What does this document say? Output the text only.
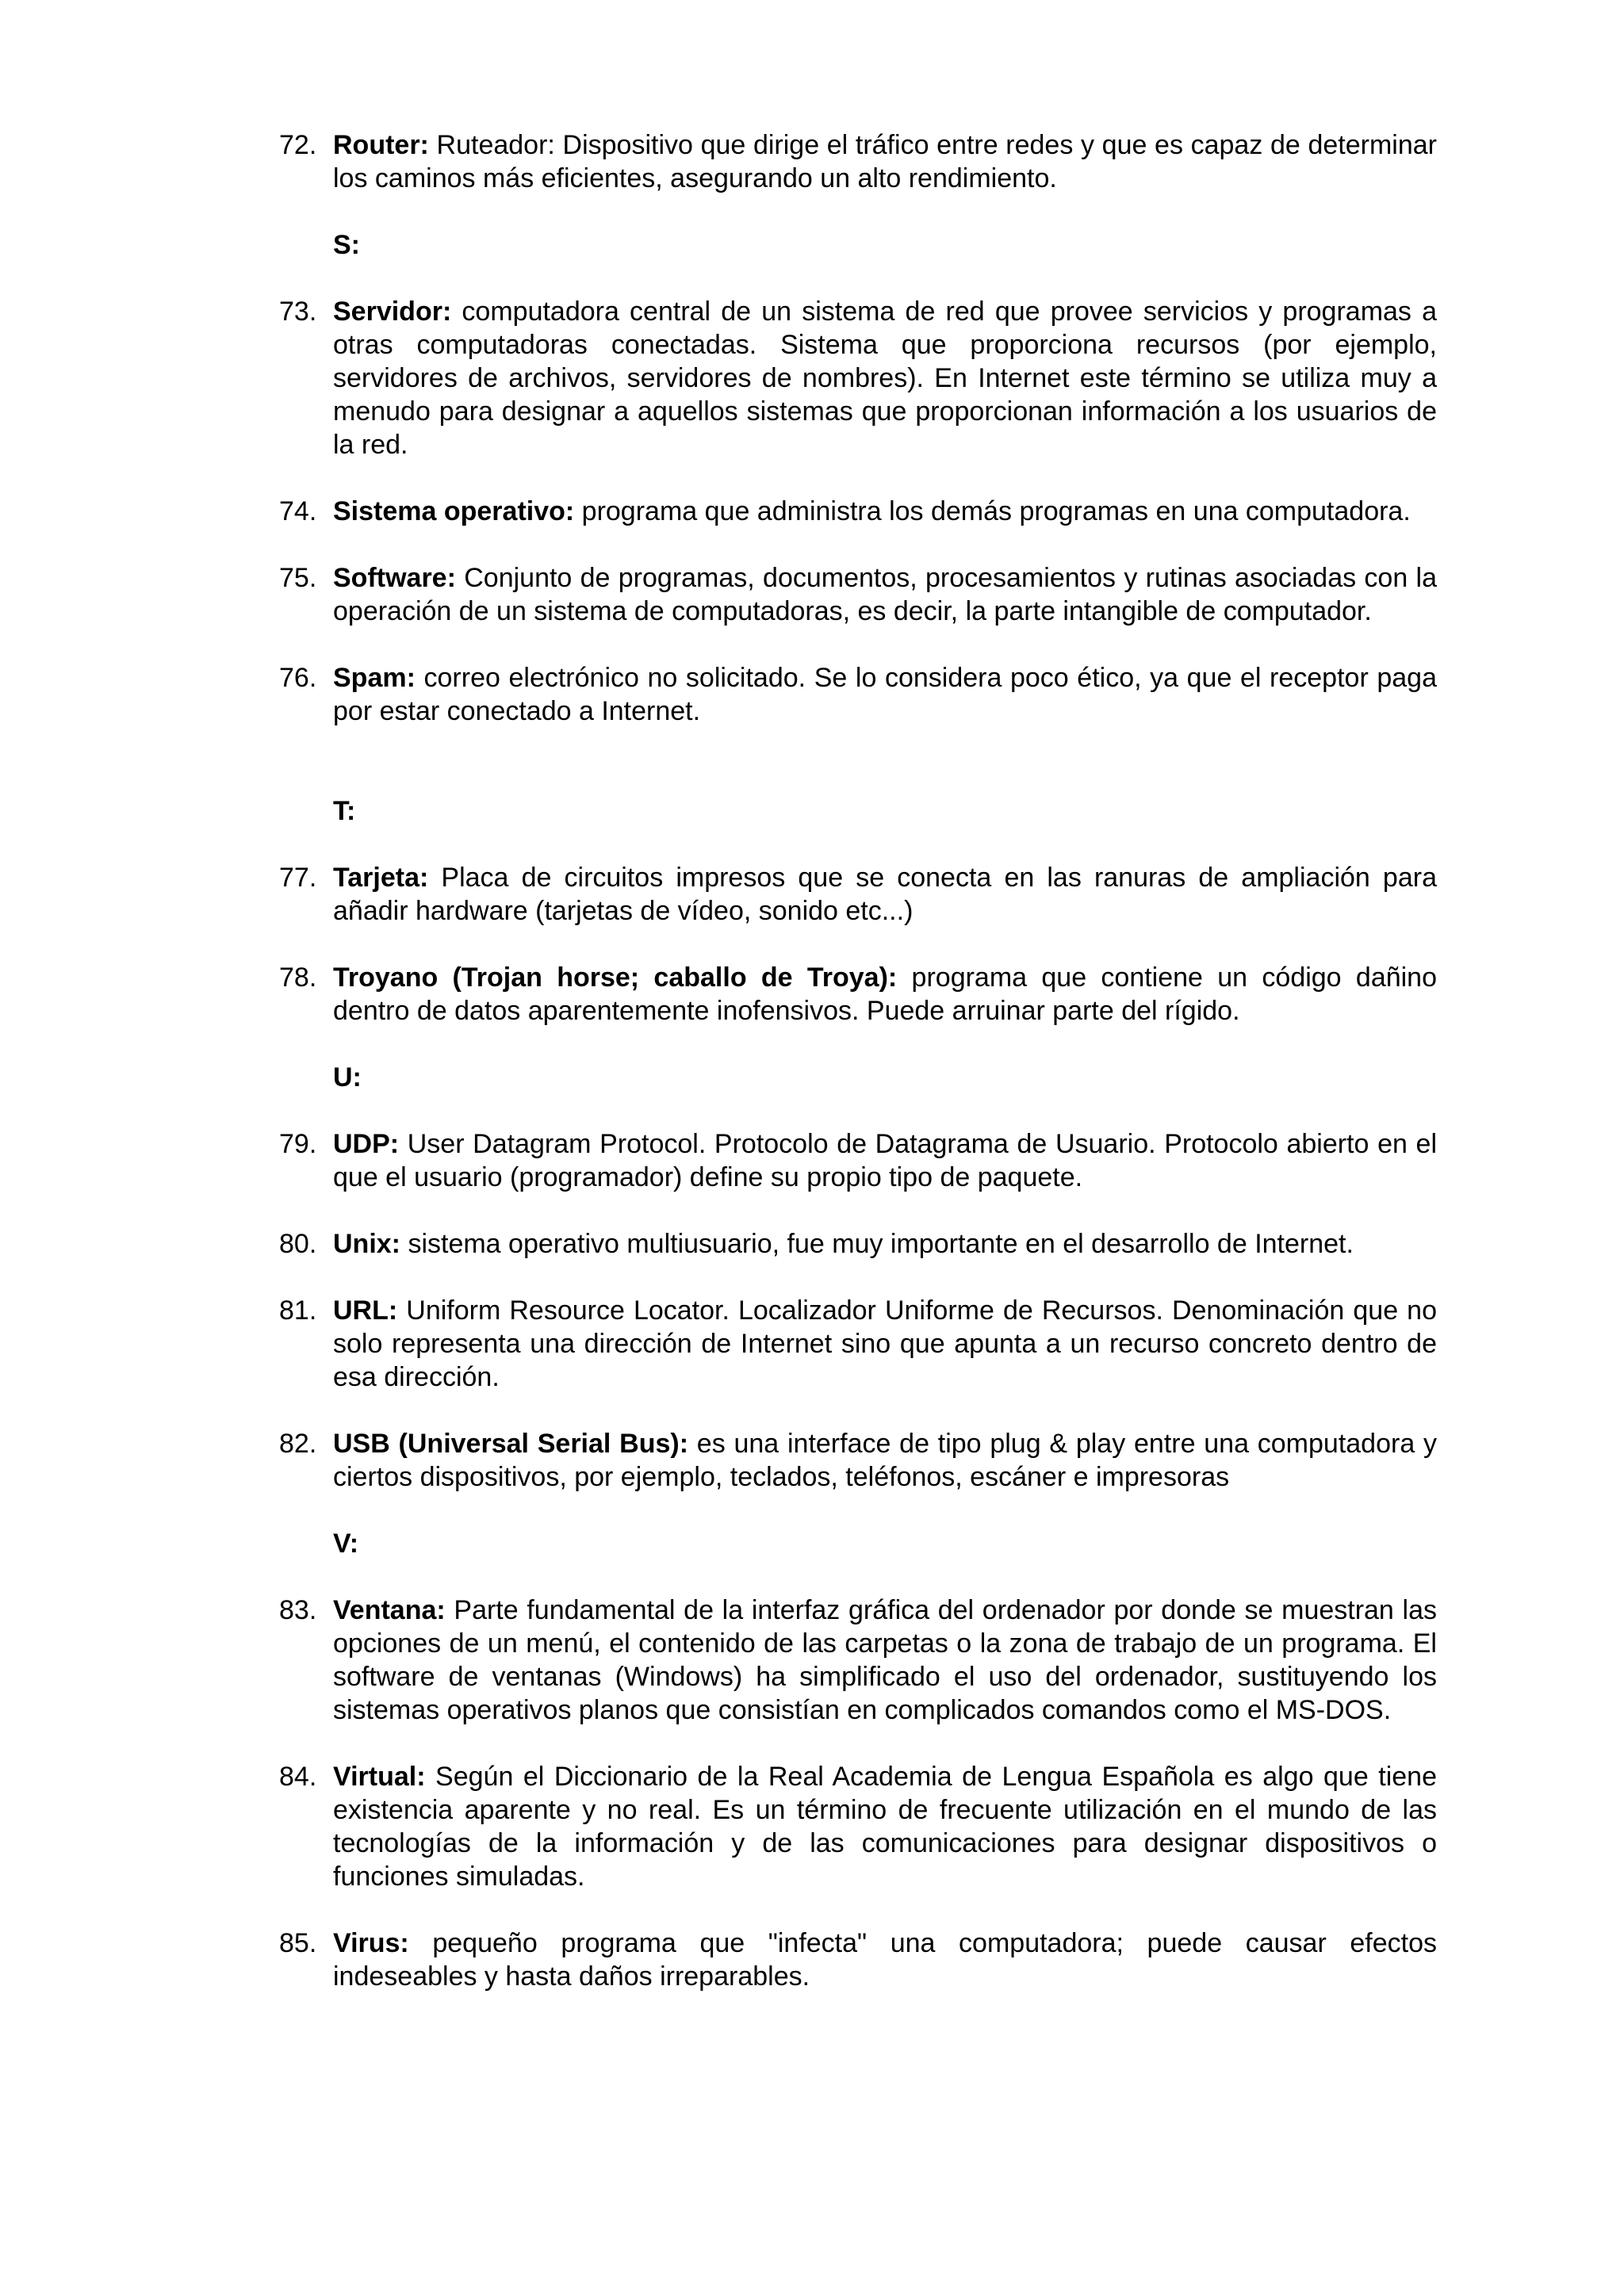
72. Router: Ruteador: Dispositivo que dirige el tráfico entre redes y que es capaz de determinar los caminos más eficientes, asegurando un alto rendimiento.

S:

73. Servidor: computadora central de un sistema de red que provee servicios y programas a otras computadoras conectadas. Sistema que proporciona recursos (por ejemplo, servidores de archivos, servidores de nombres). En Internet este término se utiliza muy a menudo para designar a aquellos sistemas que proporcionan información a los usuarios de la red.

74. Sistema operativo: programa que administra los demás programas en una computadora.

75. Software: Conjunto de programas, documentos, procesamientos y rutinas asociadas con la operación de un sistema de computadoras, es decir, la parte intangible de computador.

76. Spam: correo electrónico no solicitado. Se lo considera poco ético, ya que el receptor paga por estar conectado a Internet.

T:

77. Tarjeta: Placa de circuitos impresos que se conecta en las ranuras de ampliación para añadir hardware (tarjetas de vídeo, sonido etc...)

78. Troyano (Trojan horse; caballo de Troya): programa que contiene un código dañino dentro de datos aparentemente inofensivos. Puede arruinar parte del rígido.

U:

79. UDP: User Datagram Protocol. Protocolo de Datagrama de Usuario. Protocolo abierto en el que el usuario (programador) define su propio tipo de paquete.

80. Unix: sistema operativo multiusuario, fue muy importante en el desarrollo de Internet.

81. URL: Uniform Resource Locator. Localizador Uniforme de Recursos. Denominación que no solo representa una dirección de Internet sino que apunta a un recurso concreto dentro de esa dirección.

82. USB (Universal Serial Bus): es una interface de tipo plug & play entre una computadora y ciertos dispositivos, por ejemplo, teclados, teléfonos, escáner e impresoras

V:

83. Ventana: Parte fundamental de la interfaz gráfica del ordenador por donde se muestran las opciones de un menú, el contenido de las carpetas o la zona de trabajo de un programa. El software de ventanas (Windows) ha simplificado el uso del ordenador, sustituyendo los sistemas operativos planos que consistían en complicados comandos como el MS-DOS.

84. Virtual: Según el Diccionario de la Real Academia de Lengua Española es algo que tiene existencia aparente y no real. Es un término de frecuente utilización en el mundo de las tecnologías de la información y de las comunicaciones para designar dispositivos o funciones simuladas.

85. Virus: pequeño programa que "infecta" una computadora; puede causar efectos indeseables y hasta daños irreparables.
